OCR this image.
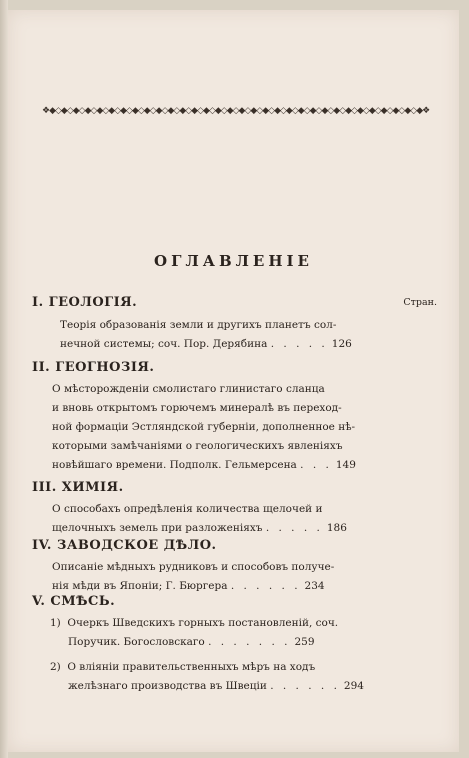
❖◆◇◆◇◆◇◆◇◆◇◆◇◆◇◆◇◆◇◆◇◆◇◆◇◆◇◆◇◆◇◆◇◆◇◆◇◆◇◆◇◆◇◆◇◆◇◆◇◆◇◆◇◆◇◆◇◆◇◆◇◆◇◆❖
ОГЛАВЛЕНІЕ
Стран.
I. ГЕОЛОГІЯ.
Теорія образованія земли и другихъ планетъ сол-
нечной системы; соч. Пор. Дерябина . . . . . 126
II. ГЕОГНОЗІЯ.
О мѣсторожденіи смолистаго глинистаго сланца
и вновь открытомъ горючемъ минералѣ въ переход-
ной формаціи Эстляндской губерніи, дополненное нѣ-
которыми замѣчаніями о геологическихъ явленіяхъ
новѣйшаго времени. Подполк. Гельмерсена . . . 149
III. ХИМІЯ.
О способахъ опредѣленія количества щелочей и
щелочныхъ земель при разложеніяхъ . . . . . 186
IV. ЗАВОДСКОЕ ДѢЛО.
Описаніе мѣдныхъ рудниковъ и способовъ получе-
нія мѣди въ Японіи; Г. Бюргера . . . . . . 234
V. СМѢСЬ.
1) Очеркъ Шведскихъ горныхъ постановленій, соч.
Поручик. Богословскаго . . . . . . . 259
2) О вліяніи правительственныхъ мѣръ на ходъ
желѣзнаго производства въ Швеціи . . . . . . 294
